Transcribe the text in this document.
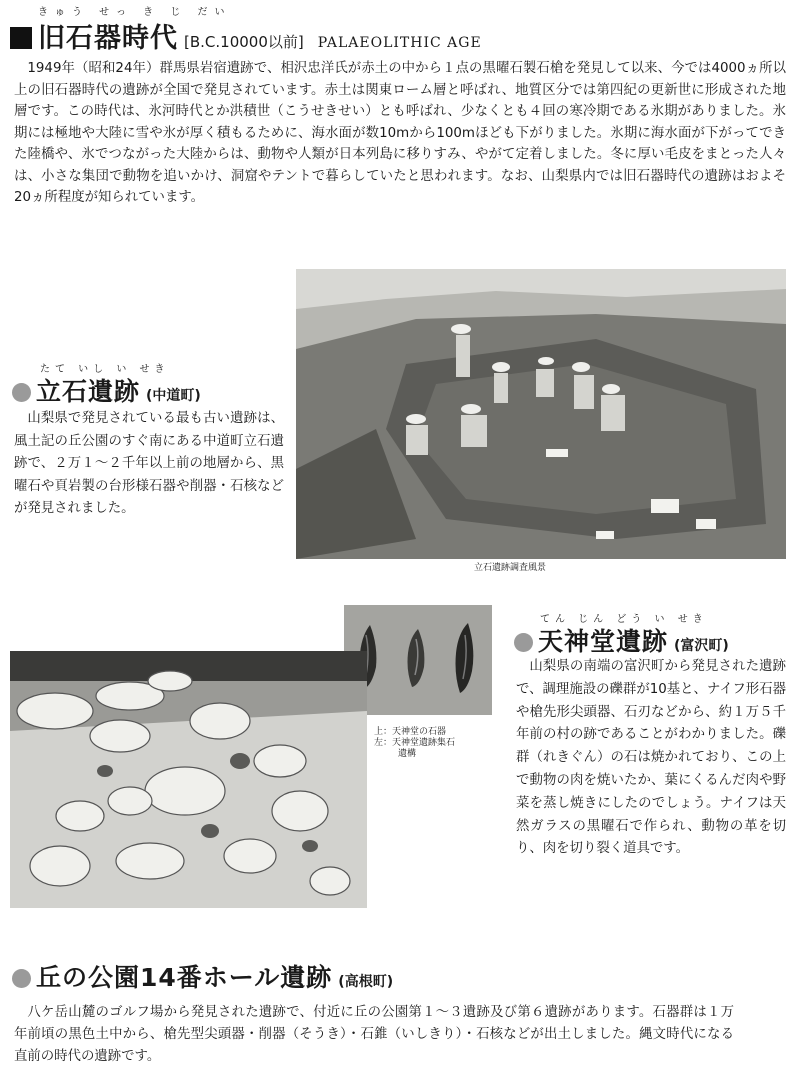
きゅう せっ き じ だい
旧石器時代 [B.C.10000以前] PALAEOLITHIC AGE

1949年（昭和24年）群馬県岩宿遺跡で、相沢忠洋氏が赤土の中から１点の黒曜石製石槍を発見して以来、今では4000ヵ所以上の旧石器時代の遺跡が全国で発見されています。赤土は関東ローム層と呼ばれ、地質区分では第四紀の更新世に形成された地層です。この時代は、氷河時代とか洪積世（こうせきせい）とも呼ばれ、少なくとも４回の寒冷期である氷期がありました。氷期には極地や大陸に雪や氷が厚く積もるために、海水面が数10mから100mほども下がりました。氷期に海水面が下がってできた陸橋や、氷でつながった大陸からは、動物や人類が日本列島に移りすみ、やがて定着しました。冬に厚い毛皮をまとった人々は、小さな集団で動物を追いかけ、洞窟やテントで暮らしていたと思われます。なお、山梨県内では旧石器時代の遺跡はおよそ20ヵ所程度が知られています。

立石遺跡調査風景
たて いし い せき
立石遺跡 (中道町)

山梨県で発見されている最も古い遺跡は、風土記の丘公園のすぐ南にある中道町立石遺跡で、２万１～２千年以上前の地層から、黒曜石や頁岩製の台形様石器や削器・石核などが発見されました。

上：天神堂の石器
左：天神堂遺跡集石
遺構
てん じん どう い せき
天神堂遺跡 (富沢町)

山梨県の南端の富沢町から発見された遺跡で、調理施設の礫群が10基と、ナイフ形石器や槍先形尖頭器、石刃などから、約１万５千年前の村の跡であることがわかりました。礫群（れきぐん）の石は焼かれており、この上で動物の肉を焼いたか、葉にくるんだ肉や野菜を蒸し焼きにしたのでしょう。ナイフは天然ガラスの黒曜石で作られ、動物の革を切り、肉を切り裂く道具です。

丘の公園14番ホール遺跡 (高根町)

八ケ岳山麓のゴルフ場から発見された遺跡で、付近に丘の公園第１～３遺跡及び第６遺跡があります。石器群は１万年前頃の黒色土中から、槍先型尖頭器・削器（そうき）・石錐（いしきり）・石核などが出土しました。縄文時代になる直前の時代の遺跡です。
